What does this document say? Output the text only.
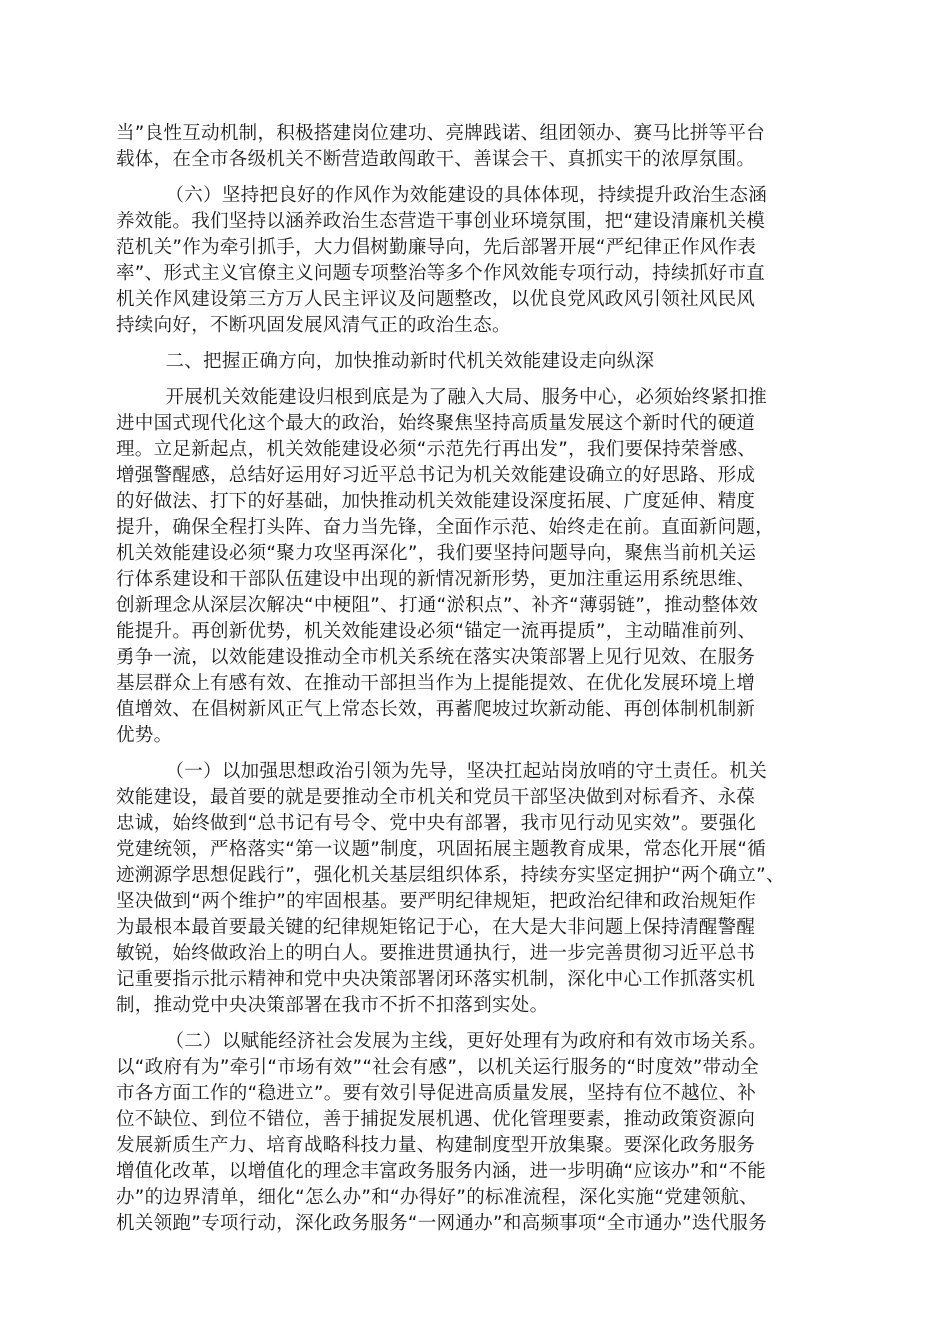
当”良性互动机制，积极搭建岗位建功、亮牌践诺、组团领办、赛马比拼等平台
载体，在全市各级机关不断营造敢闯敢干、善谋会干、真抓实干的浓厚氛围。

（六）坚持把良好的作风作为效能建设的具体体现，持续提升政治生态涵
养效能。我们坚持以涵养政治生态营造干事创业环境氛围，把“建设清廉机关模
范机关”作为牵引抓手，大力倡树勤廉导向，先后部署开展“严纪律正作风作表
率”、形式主义官僚主义问题专项整治等多个作风效能专项行动，持续抓好市直
机关作风建设第三方万人民主评议及问题整改，以优良党风政风引领社风民风
持续向好，不断巩固发展风清气正的政治生态。

二、把握正确方向，加快推动新时代机关效能建设走向纵深

开展机关效能建设归根到底是为了融入大局、服务中心，必须始终紧扣推
进中国式现代化这个最大的政治，始终聚焦坚持高质量发展这个新时代的硬道
理。立足新起点，机关效能建设必须“示范先行再出发”，我们要保持荣誉感、
增强警醒感，总结好运用好习近平总书记为机关效能建设确立的好思路、形成
的好做法、打下的好基础，加快推动机关效能建设深度拓展、广度延伸、精度
提升，确保全程打头阵、奋力当先锋，全面作示范、始终走在前。直面新问题，
机关效能建设必须“聚力攻坚再深化”，我们要坚持问题导向，聚焦当前机关运
行体系建设和干部队伍建设中出现的新情况新形势，更加注重运用系统思维、
创新理念从深层次解决“中梗阻”、打通“淤积点”、补齐“薄弱链”，推动整体效
能提升。再创新优势，机关效能建设必须“锚定一流再提质”，主动瞄准前列、
勇争一流，以效能建设推动全市机关系统在落实决策部署上见行见效、在服务
基层群众上有感有效、在推动干部担当作为上提能提效、在优化发展环境上增
值增效、在倡树新风正气上常态长效，再蓄爬坡过坎新动能、再创体制机制新
优势。

（一）以加强思想政治引领为先导，坚决扛起站岗放哨的守土责任。机关
效能建设，最首要的就是要推动全市机关和党员干部坚决做到对标看齐、永葆
忠诚，始终做到“总书记有号令、党中央有部署，我市见行动见实效”。要强化
党建统领，严格落实“第一议题”制度，巩固拓展主题教育成果，常态化开展“循
迹溯源学思想促践行”，强化机关基层组织体系，持续夯实坚定拥护“两个确立”、
坚决做到“两个维护”的牢固根基。要严明纪律规矩，把政治纪律和政治规矩作
为最根本最首要最关键的纪律规矩铭记于心，在大是大非问题上保持清醒警醒
敏锐，始终做政治上的明白人。要推进贯通执行，进一步完善贯彻习近平总书
记重要指示批示精神和党中央决策部署闭环落实机制，深化中心工作抓落实机
制，推动党中央决策部署在我市不折不扣落到实处。

（二）以赋能经济社会发展为主线，更好处理有为政府和有效市场关系。
以“政府有为”牵引“市场有效”“社会有感”，以机关运行服务的“时度效”带动全
市各方面工作的“稳进立”。要有效引导促进高质量发展，坚持有位不越位、补
位不缺位、到位不错位，善于捕捉发展机遇、优化管理要素，推动政策资源向
发展新质生产力、培育战略科技力量、构建制度型开放集聚。要深化政务服务
增值化改革，以增值化的理念丰富政务服务内涵，进一步明确“应该办”和“不能
办”的边界清单，细化“怎么办”和“办得好”的标准流程，深化实施“党建领航、
机关领跑”专项行动，深化政务服务“一网通办”和高频事项“全市通办”迭代服务
